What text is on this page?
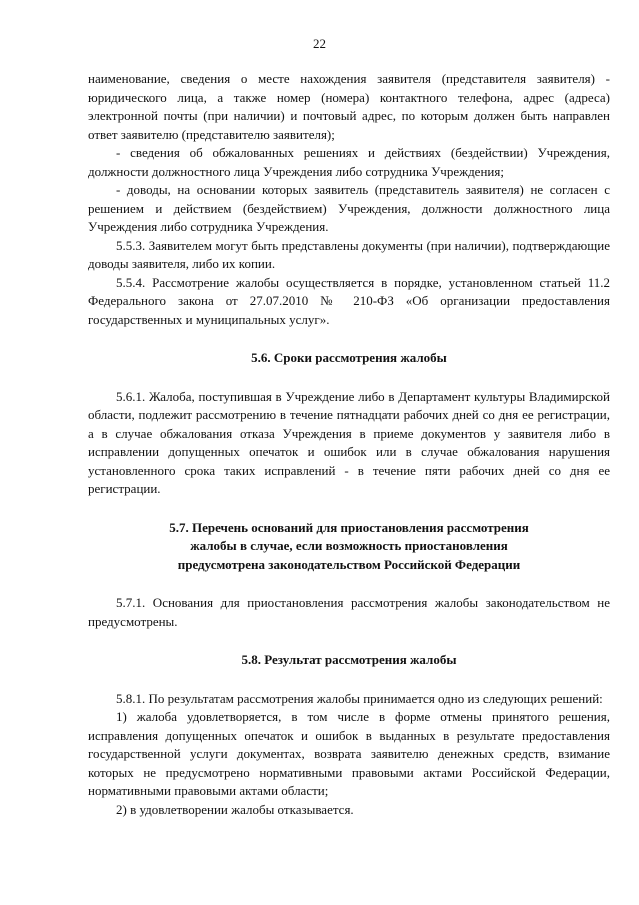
22

наименование, сведения о месте нахождения заявителя (представителя заявителя) - юридического лица, а также номер (номера) контактного телефона, адрес (адреса) электронной почты (при наличии) и почтовый адрес, по которым должен быть направлен ответ заявителю (представителю заявителя);

- сведения об обжалованных решениях и действиях (бездействии) Учреждения, должности должностного лица Учреждения либо сотрудника Учреждения;

- доводы, на основании которых заявитель (представитель заявителя) не согласен с решением и действием (бездействием) Учреждения, должности должностного лица Учреждения либо сотрудника Учреждения.

5.5.3. Заявителем могут быть представлены документы (при наличии), подтверждающие доводы заявителя, либо их копии.

5.5.4. Рассмотрение жалобы осуществляется в порядке, установленном статьей 11.2 Федерального закона от 27.07.2010 № 210-ФЗ «Об организации предоставления государственных и муниципальных услуг».

5.6. Сроки рассмотрения жалобы

5.6.1. Жалоба, поступившая в Учреждение либо в Департамент культуры Владимирской области, подлежит рассмотрению в течение пятнадцати рабочих дней со дня ее регистрации, а в случае обжалования отказа Учреждения в приеме документов у заявителя либо в исправлении допущенных опечаток и ошибок или в случае обжалования нарушения установленного срока таких исправлений - в течение пяти рабочих дней со дня ее регистрации.

5.7. Перечень оснований для приостановления рассмотрения

жалобы в случае, если возможность приостановления

предусмотрена законодательством Российской Федерации

5.7.1. Основания для приостановления рассмотрения жалобы законодательством не предусмотрены.

5.8. Результат рассмотрения жалобы

5.8.1. По результатам рассмотрения жалобы принимается одно из следующих решений:

1) жалоба удовлетворяется, в том числе в форме отмены принятого решения, исправления допущенных опечаток и ошибок в выданных в результате предоставления государственной услуги документах, возврата заявителю денежных средств, взимание которых не предусмотрено нормативными правовыми актами Российской Федерации, нормативными правовыми актами области;

2) в удовлетворении жалобы отказывается.
